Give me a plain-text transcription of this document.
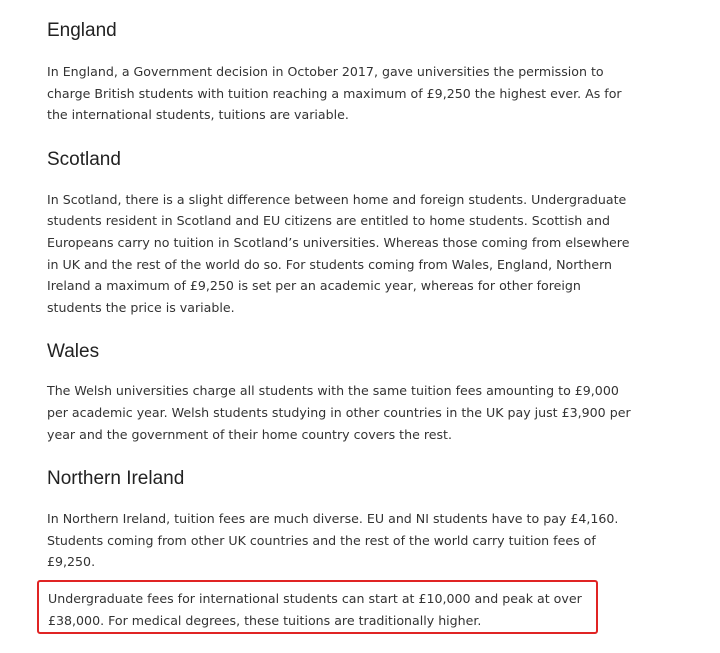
England

In England, a Government decision in October 2017, gave universities the permission to charge British students with tuition reaching a maximum of £9,250 the highest ever. As for the international students, tuitions are variable.

Scotland

In Scotland, there is a slight difference between home and foreign students. Undergraduate students resident in Scotland and EU citizens are entitled to home students. Scottish and Europeans carry no tuition in Scotland’s universities. Whereas those coming from elsewhere in UK and the rest of the world do so. For students coming from Wales, England, Northern Ireland a maximum of £9,250 is set per an academic year, whereas for other foreign students the price is variable.

Wales

The Welsh universities charge all students with the same tuition fees amounting to £9,000 per academic year. Welsh students studying in other countries in the UK pay just £3,900 per year and the government of their home country covers the rest.

Northern Ireland

In Northern Ireland, tuition fees are much diverse. EU and NI students have to pay £4,160. Students coming from other UK countries and the rest of the world carry tuition fees of £9,250.

Undergraduate fees for international students can start at £10,000 and peak at over £38,000. For medical degrees, these tuitions are traditionally higher.
